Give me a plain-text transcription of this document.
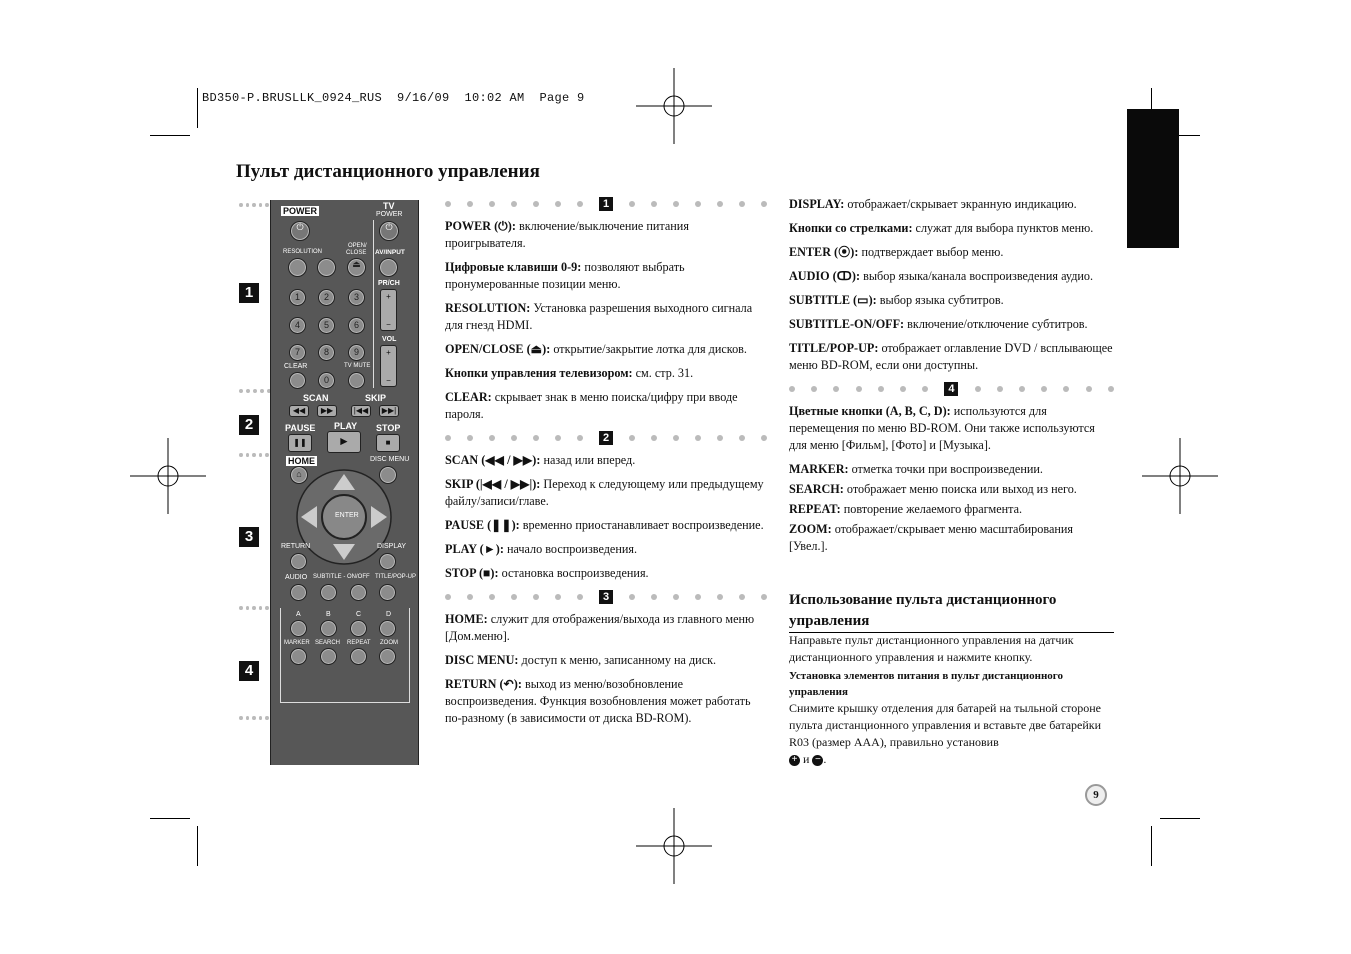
BD350-P.BRUSLLK_0924_RUS  9/16/09  10:02 AM  Page 9
Пульт дистанционного управления
1
2
3
4
POWER	TV
POWER
⏻	⏻
RESOLUTION
OPEN/
CLOSE AV/INPUT
⏏
PR/CH
+

−
VOL
+

−
1	2	3
4	5	6
7	8	9
CLEAR	TV MUTE
0
SCAN	SKIP
◀◀	▶▶	|◀◀	▶▶|
PAUSE PLAY STOP
❚❚	►	■
HOME	DISC MENU
⌂
ENTER
RETURN	DISPLAY
AUDIO SUBTITLE - ON/OFF TITLE/POP-UP
A	B	C	D
MARKER SEARCH REPEAT ZOOM
1

POWER (⏻): включение/выключение питания проигрывателя.

Цифровые клавиши 0-9: позволяют выбрать пронумерованные позиции меню.

RESOLUTION: Установка разрешения выходного сигнала для гнезд HDMI.

OPEN/CLOSE (⏏): открытие/закрытие лотка для дисков.

Кнопки управления телевизором: см. стр. 31.

CLEAR: скрывает знак в меню поиска/цифру при вводе пароля.

2

SCAN (◀◀ / ▶▶): назад или вперед.

SKIP (|◀◀ / ▶▶|): Переход к следующему или предыдущему файлу/записи/главе.

PAUSE (❚❚): временно приостанавливает воспроизведение.

PLAY (►): начало воспроизведения.

STOP (■): остановка воспроизведения.

3

HOME: служит для отображения/выхода из главного меню [Дом.меню].

DISC MENU: доступ к меню, записанному на диск.

RETURN (↶): выход из меню/возобновление воспроизведения. Функция возобновления может работать по-разному (в зависимости от диска BD-ROM).

DISPLAY: отображает/скрывает экранную индикацию.

Кнопки со стрелками: служат для выбора пунктов меню.

ENTER (⦿): подтверждает выбор меню.

AUDIO (ↀ): выбор языка/канала воспроизведения аудио.

SUBTITLE (▭): выбор языка субтитров.

SUBTITLE-ON/OFF: включение/отключение субтитров.

TITLE/POP-UP: отображает оглавление DVD / всплывающее меню BD-ROM, если они доступны.

4

Цветные кнопки (A, B, C, D): используются для перемещения по меню BD-ROM. Они также используются для меню [Фильм], [Фото] и [Музыка].

MARKER: отметка точки при воспроизведении.

SEARCH: отображает меню поиска или выход из него.

REPEAT: повторение желаемого фрагмента.

ZOOM: отображает/скрывает меню масштабирования [Увел.].

Использование пульта дистанционного управления
Направьте пульт дистанционного управления на датчик дистанционного управления и нажмите кнопку.
Установка элементов питания в пульт дистанционного управления
Снимите крышку отделения для батарей на тыльной стороне пульта дистанционного управления и вставьте две батарейки R03 (размер AAA), правильно установив
+ и − .
9
